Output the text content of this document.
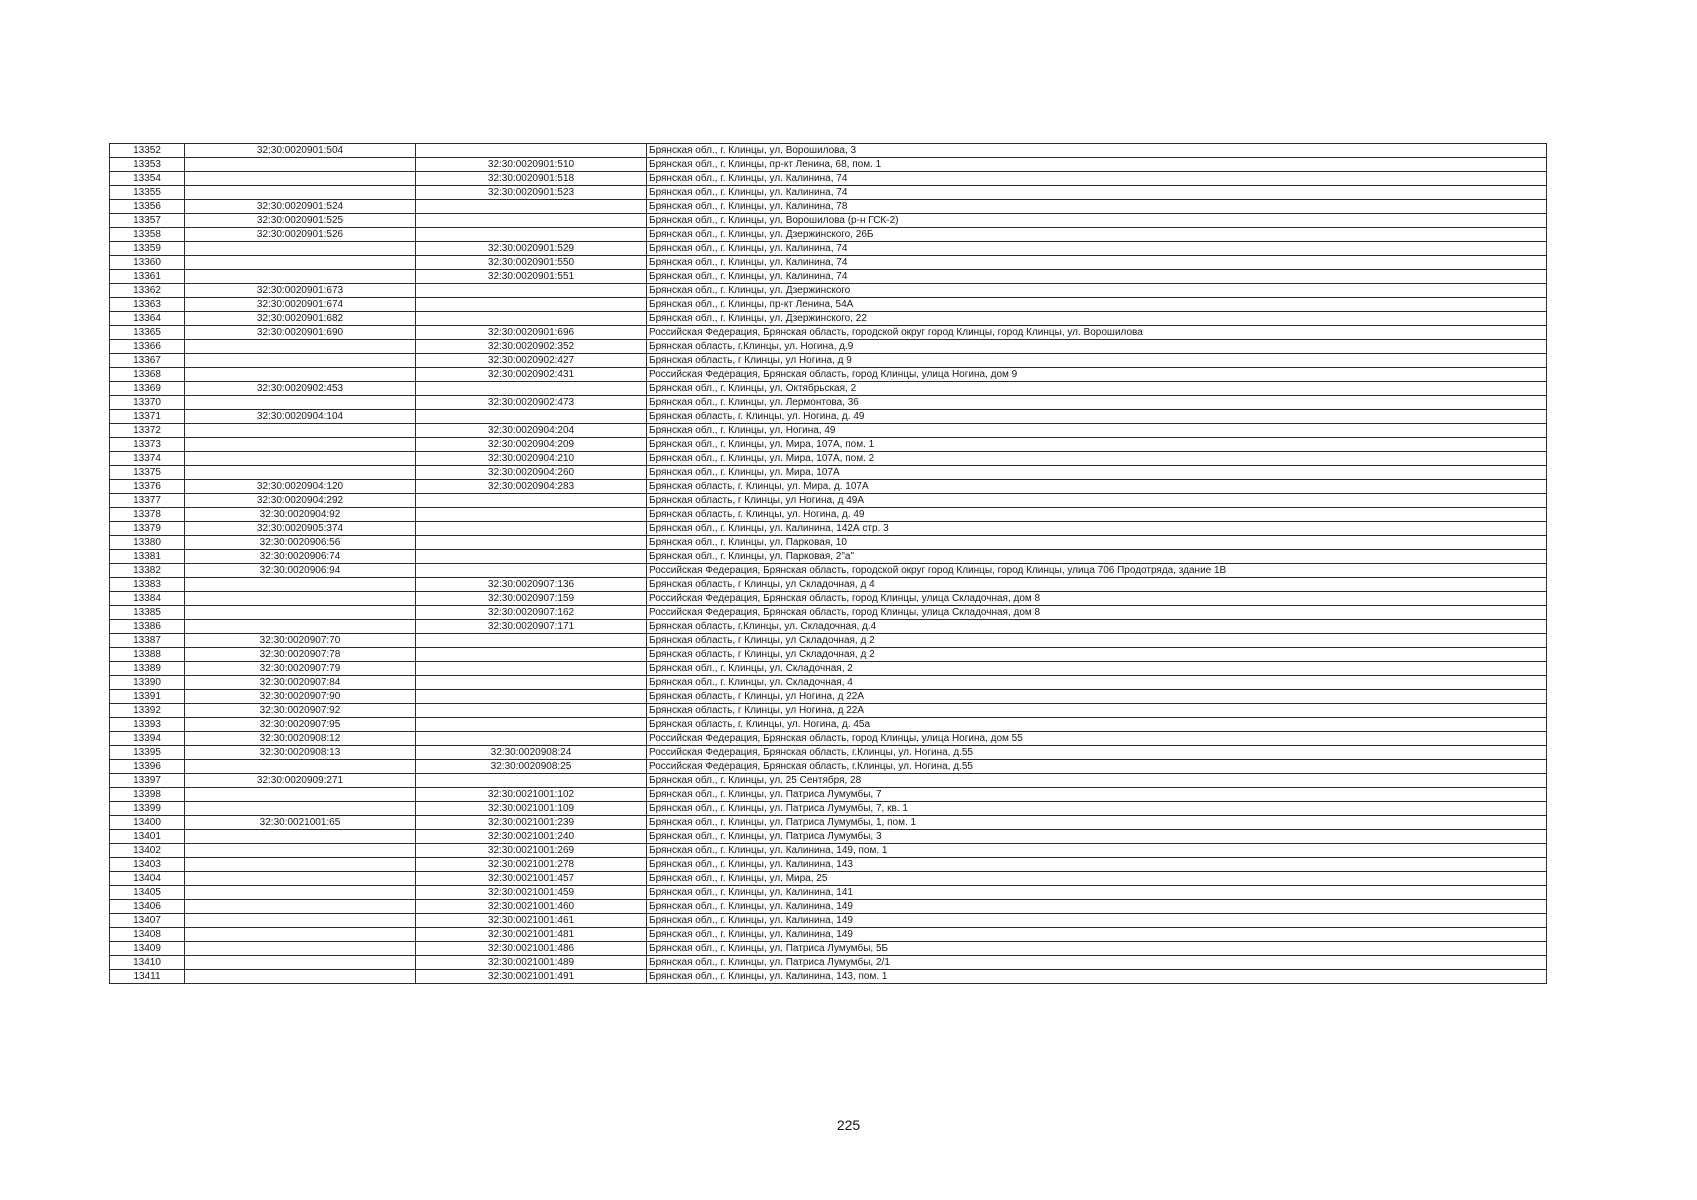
13352	32:30:0020901:504		Брянская обл., г. Клинцы, ул. Ворошилова, 3
13353		32:30:0020901:510	Брянская обл., г. Клинцы, пр-кт Ленина, 68, пом. 1
13354		32:30:0020901:518	Брянская обл., г. Клинцы, ул. Калинина, 74
13355		32:30:0020901:523	Брянская обл., г. Клинцы, ул. Калинина, 74
13356	32:30:0020901:524		Брянская обл., г. Клинцы, ул. Калинина, 78
13357	32:30:0020901:525		Брянская обл., г. Клинцы, ул. Ворошилова (р-н ГСК-2)
13358	32:30:0020901:526		Брянская обл., г. Клинцы, ул. Дзержинского, 26Б
13359		32:30:0020901:529	Брянская обл., г. Клинцы, ул. Калинина, 74
13360		32:30:0020901:550	Брянская обл., г. Клинцы, ул. Калинина, 74
13361		32:30:0020901:551	Брянская обл., г. Клинцы, ул. Калинина, 74
13362	32:30:0020901:673		Брянская обл., г. Клинцы, ул. Дзержинского
13363	32:30:0020901:674		Брянская обл., г. Клинцы, пр-кт Ленина, 54А
13364	32:30:0020901:682		Брянская обл., г. Клинцы, ул. Дзержинского, 22
13365	32:30:0020901:690	32:30:0020901:696	Российская Федерация, Брянская область, городской округ город Клинцы, город Клинцы, ул. Ворошилова
13366		32:30:0020902:352	Брянская область, г.Клинцы, ул. Ногина, д.9
13367		32:30:0020902:427	Брянская область, г Клинцы, ул Ногина, д 9
13368		32:30:0020902:431	Российская Федерация, Брянская область, город Клинцы, улица Ногина, дом 9
13369	32:30:0020902:453		Брянская обл., г. Клинцы, ул. Октябрьская, 2
13370		32:30:0020902:473	Брянская обл., г. Клинцы, ул. Лермонтова, 36
13371	32:30:0020904:104		Брянская область, г. Клинцы, ул. Ногина, д. 49
13372		32:30:0020904:204	Брянская обл., г. Клинцы, ул. Ногина, 49
13373		32:30:0020904:209	Брянская обл., г. Клинцы, ул. Мира, 107А, пом. 1
13374		32:30:0020904:210	Брянская обл., г. Клинцы, ул. Мира, 107А, пом. 2
13375		32:30:0020904:260	Брянская обл., г. Клинцы, ул. Мира, 107А
13376	32:30:0020904:120	32:30:0020904:283	Брянская область, г. Клинцы, ул. Мира, д. 107А
13377	32:30:0020904:292		Брянская область, г Клинцы, ул Ногина, д 49А
13378	32:30:0020904:92		Брянская область, г. Клинцы, ул. Ногина, д. 49
13379	32:30:0020905:374		Брянская обл., г. Клинцы, ул. Калинина, 142А стр. 3
13380	32:30:0020906:56		Брянская обл., г. Клинцы, ул. Парковая, 10
13381	32:30:0020906:74		Брянская обл., г. Клинцы, ул. Парковая, 2"а"
13382	32:30:0020906:94		Российская Федерация, Брянская область, городской округ город Клинцы, город Клинцы, улица 706 Продотряда, здание 1В
13383		32:30:0020907:136	Брянская область, г Клинцы, ул Складочная, д 4
13384		32:30:0020907:159	Российская Федерация, Брянская область, город Клинцы, улица Складочная, дом 8
13385		32:30:0020907:162	Российская Федерация, Брянская область, город Клинцы, улица Складочная, дом 8
13386		32:30:0020907:171	Брянская область, г.Клинцы, ул. Складочная, д.4
13387	32:30:0020907:70		Брянская область, г Клинцы, ул Складочная, д 2
13388	32:30:0020907:78		Брянская область, г Клинцы, ул Складочная, д 2
13389	32:30:0020907:79		Брянская обл., г. Клинцы, ул. Складочная, 2
13390	32:30:0020907:84		Брянская обл., г. Клинцы, ул. Складочная, 4
13391	32:30:0020907:90		Брянская область, г Клинцы, ул Ногина, д 22А
13392	32:30:0020907:92		Брянская область, г Клинцы, ул Ногина, д 22А
13393	32:30:0020907:95		Брянская область, г. Клинцы, ул. Ногина, д. 45а
13394	32:30:0020908:12		Российская Федерация, Брянская область, город Клинцы, улица Ногина, дом 55
13395	32:30:0020908:13	32:30:0020908:24	Российская Федерация, Брянская область, г.Клинцы, ул. Ногина, д.55
13396		32:30:0020908:25	Российская Федерация, Брянская область, г.Клинцы, ул. Ногина, д.55
13397	32:30:0020909:271		Брянская обл., г. Клинцы, ул. 25 Сентября, 28
13398		32:30:0021001:102	Брянская обл., г. Клинцы, ул. Патриса Лумумбы, 7
13399		32:30:0021001:109	Брянская обл., г. Клинцы, ул. Патриса Лумумбы, 7, кв. 1
13400	32:30:0021001:65	32:30:0021001:239	Брянская обл., г. Клинцы, ул. Патриса Лумумбы, 1, пом. 1
13401		32:30:0021001:240	Брянская обл., г. Клинцы, ул. Патриса Лумумбы, 3
13402		32:30:0021001:269	Брянская обл., г. Клинцы, ул. Калинина, 149, пом. 1
13403		32:30:0021001:278	Брянская обл., г. Клинцы, ул. Калинина, 143
13404		32:30:0021001:457	Брянская обл., г. Клинцы, ул. Мира, 25
13405		32:30:0021001:459	Брянская обл., г. Клинцы, ул. Калинина, 141
13406		32:30:0021001:460	Брянская обл., г. Клинцы, ул. Калинина, 149
13407		32:30:0021001:461	Брянская обл., г. Клинцы, ул. Калинина, 149
13408		32:30:0021001:481	Брянская обл., г. Клинцы, ул. Калинина, 149
13409		32:30:0021001:486	Брянская обл., г. Клинцы, ул. Патриса Лумумбы, 5Б
13410		32:30:0021001:489	Брянская обл., г. Клинцы, ул. Патриса Лумумбы, 2/1
13411		32:30:0021001:491	Брянская обл., г. Клинцы, ул. Калинина, 143, пом. 1
225
